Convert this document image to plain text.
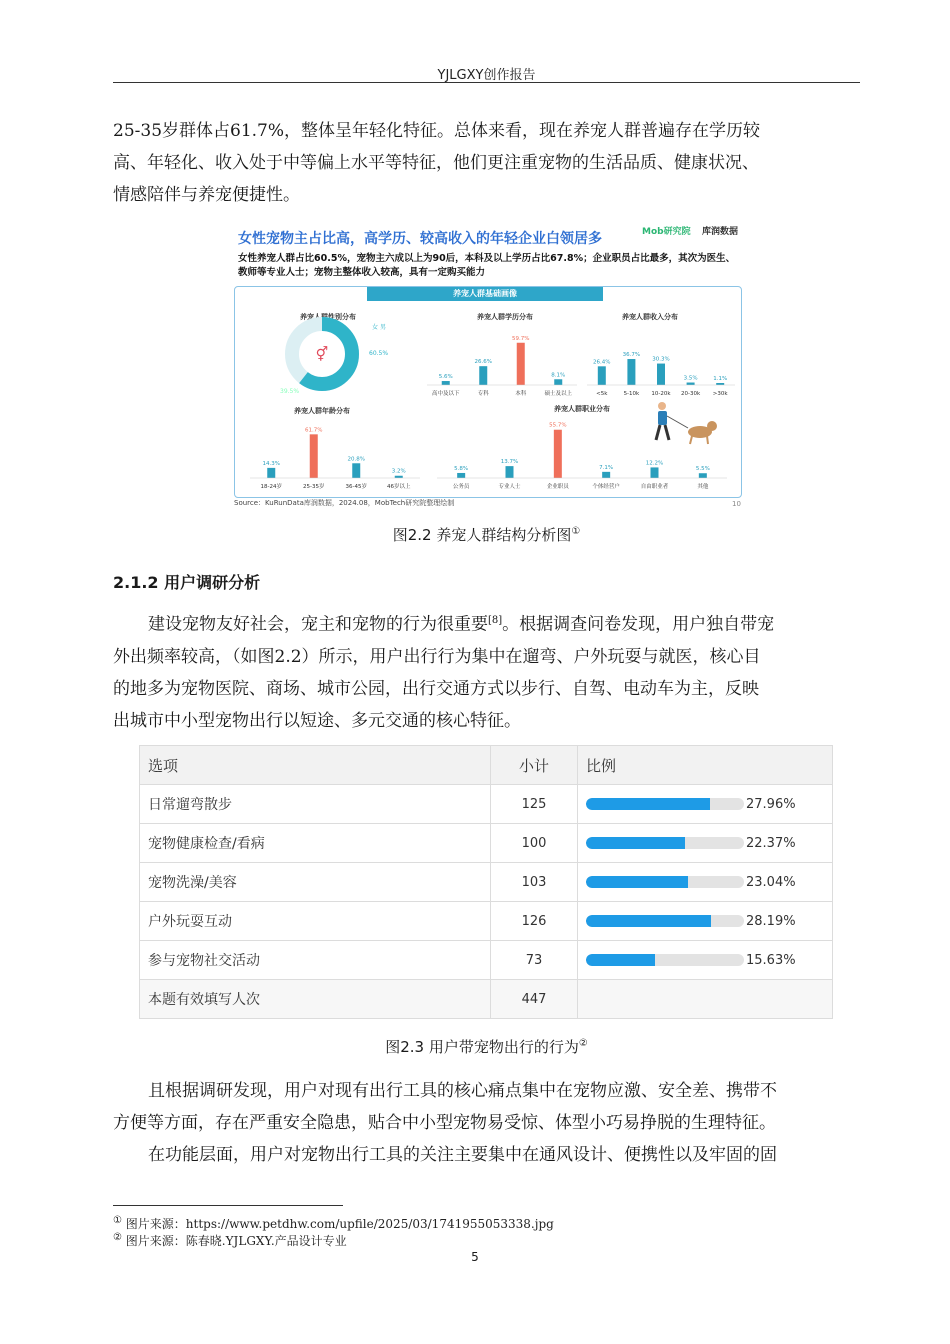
YJLGXY创作报告
25-35岁群体占61.7%，整体呈年轻化特征。总体来看，现在养宠人群普遍存在学历较
高、年轻化、收入处于中等偏上水平等特征，他们更注重宠物的生活品质、健康状况、
情感陪伴与养宠便捷性。
女性宠物主占比高，高学历、较高收入的年轻企业白领居多	Mob研究院 库润数据
女性养宠人群占比60.5%，宠物主六成以上为90后，本科及以上学历占比67.8%；企业职员占比最多，其次为医生、教师等专业人士；宠物主整体收入较高，具有一定购买能力
养宠人群基础画像
养宠人群性别分布
女 男
⚥	60.5%
39.5%
养宠人群学历分布
5.6%
高中及以下
26.6%
专科
59.7%
本科
8.1%
硕士及以上
养宠人群收入分布
26.4%
<5k
36.7%
5-10k
30.3%
10-20k
3.5%
20-30k
1.1%
>30k
养宠人群年龄分布
14.3%
18-24岁
61.7%
25-35岁
20.8%
36-45岁
3.2%
46岁以上
养宠人群职业分布
5.8%
公务员
13.7%
专业人士
55.7%
企业职员
7.1%
个体经营户
12.2%
自由职业者
5.5%
其他
Source：KuRunData库润数据，2024.08，MobTech研究院整理绘制	10
图2.2 养宠人群结构分析图①
2.1.2 用户调研分析
建设宠物友好社会，宠主和宠物的行为很重要[8]。根据调查问卷发现，用户独自带宠
外出频率较高，（如图2.2）所示，用户出行行为集中在遛弯、户外玩耍与就医，核心目
的地多为宠物医院、商场、城市公园，出行交通方式以步行、自驾、电动车为主，反映
出城市中小型宠物出行以短途、多元交通的核心特征。
选项	小计	比例
日常遛弯散步	125	27.96%

宠物健康检查/看病	100	22.37%

宠物洗澡/美容	103	23.04%

户外玩耍互动	126	28.19%

参与宠物社交活动	73	15.63%

本题有效填写人次	447	
图2.3 用户带宠物出行的行为②
且根据调研发现，用户对现有出行工具的核心痛点集中在宠物应激、安全差、携带不
方便等方面，存在严重安全隐患，贴合中小型宠物易受惊、体型小巧易挣脱的生理特征。
在功能层面，用户对宠物出行工具的关注主要集中在通风设计、便携性以及牢固的固
① 图片来源：https://www.petdhw.com/upfile/2025/03/1741955053338.jpg
② 图片来源：陈春晓.YJLGXY.产品设计专业
5
